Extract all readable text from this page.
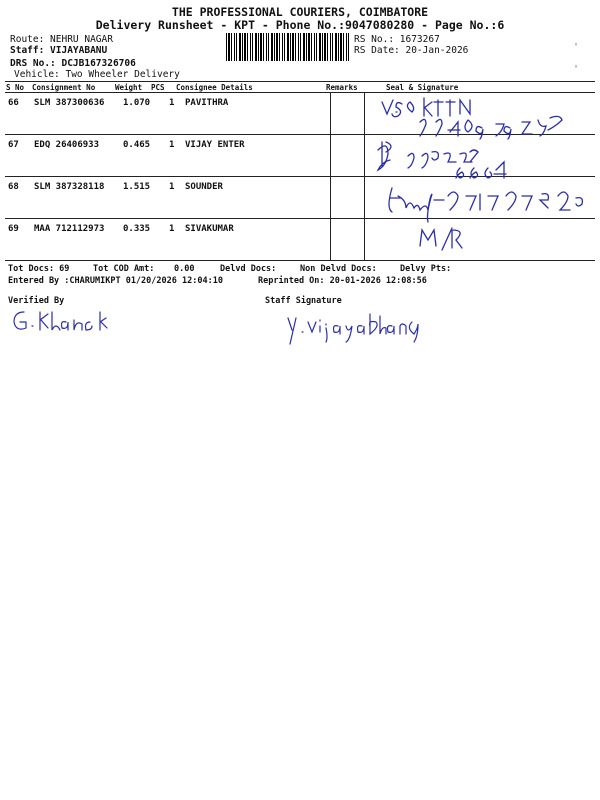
THE PROFESSIONAL COURIERS, COIMBATORE
Delivery Runsheet - KPT - Phone No.:9047080280 - Page No.:6
Route: NEHRU NAGAR
Staff: VIJAYABANU
DRS No.: DCJB167326706
Vehicle: Two Wheeler Delivery
RS No.: 1673267
RS Date: 20-Jan-2026	'
'
S No Consignment No	Weight PCS Consignee Details	Remarks	Seal & Signature
66 SLM 387300636 1.070 1 PAVITHRA
67 EDQ 26406933	0.465 1 VIJAY ENTER
68 SLM 387328118 1.515 1 SOUNDER
69 MAA 712112973 0.335 1 SIVAKUMAR
Tot Docs: 69	Tot COD Amt: 0.00	Delvd Docs:	Non Delvd Docs:	Delvy Pts:
Entered By :CHARUMIKPT 01/20/2026 12:04:10	Reprinted On: 20-01-2026 12:08:56
Verified By	Staff Signature
